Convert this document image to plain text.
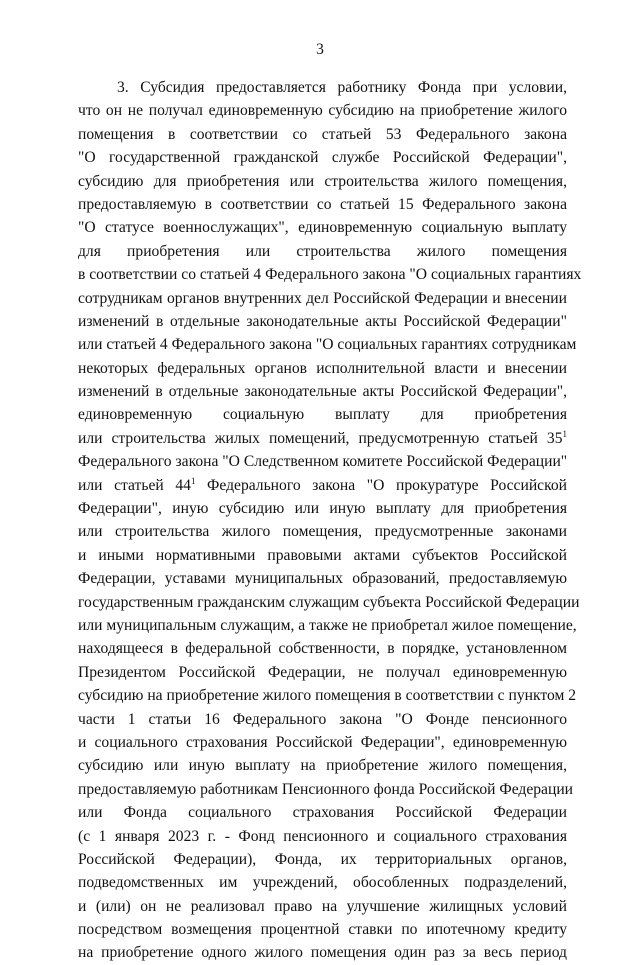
3
3. Субсидия предоставляется работнику Фонда при условии,
что он не получал единовременную субсидию на приобретение жилого
помещения в соответствии со статьей 53 Федерального закона
"О государственной гражданской службе Российской Федерации",
субсидию для приобретения или строительства жилого помещения,
предоставляемую в соответствии со статьей 15 Федерального закона
"О статусе военнослужащих", единовременную социальную выплату
для приобретения или строительства жилого помещения
в соответствии со статьей 4 Федерального закона "О социальных гарантиях
сотрудникам органов внутренних дел Российской Федерации и внесении
изменений в отдельные законодательные акты Российской Федерации"
или статьей 4 Федерального закона "О социальных гарантиях сотрудникам
некоторых федеральных органов исполнительной власти и внесении
изменений в отдельные законодательные акты Российской Федерации",
единовременную социальную выплату для приобретения
или строительства жилых помещений, предусмотренную статьей $35^1$
Федерального закона "О Следственном комитете Российской Федерации"
или статьей $44^1$ Федерального закона "О прокуратуре Российской
Федерации", иную субсидию или иную выплату для приобретения
или строительства жилого помещения, предусмотренные законами
и иными нормативными правовыми актами субъектов Российской
Федерации, уставами муниципальных образований, предоставляемую
государственным гражданским служащим субъекта Российской Федерации
или муниципальным служащим, а также не приобретал жилое помещение,
находящееся в федеральной собственности, в порядке, установленном
Президентом Российской Федерации, не получал единовременную
субсидию на приобретение жилого помещения в соответствии с пунктом 2
части 1 статьи 16 Федерального закона "О Фонде пенсионного
и социального страхования Российской Федерации", единовременную
субсидию или иную выплату на приобретение жилого помещения,
предоставляемую работникам Пенсионного фонда Российской Федерации
или Фонда социального страхования Российской Федерации
(с 1 января 2023 г. - Фонд пенсионного и социального страхования
Российской Федерации), Фонда, их территориальных органов,
подведомственных им учреждений, обособленных подразделений,
и (или) он не реализовал право на улучшение жилищных условий
посредством возмещения процентной ставки по ипотечному кредиту
на приобретение одного жилого помещения один раз за весь период
